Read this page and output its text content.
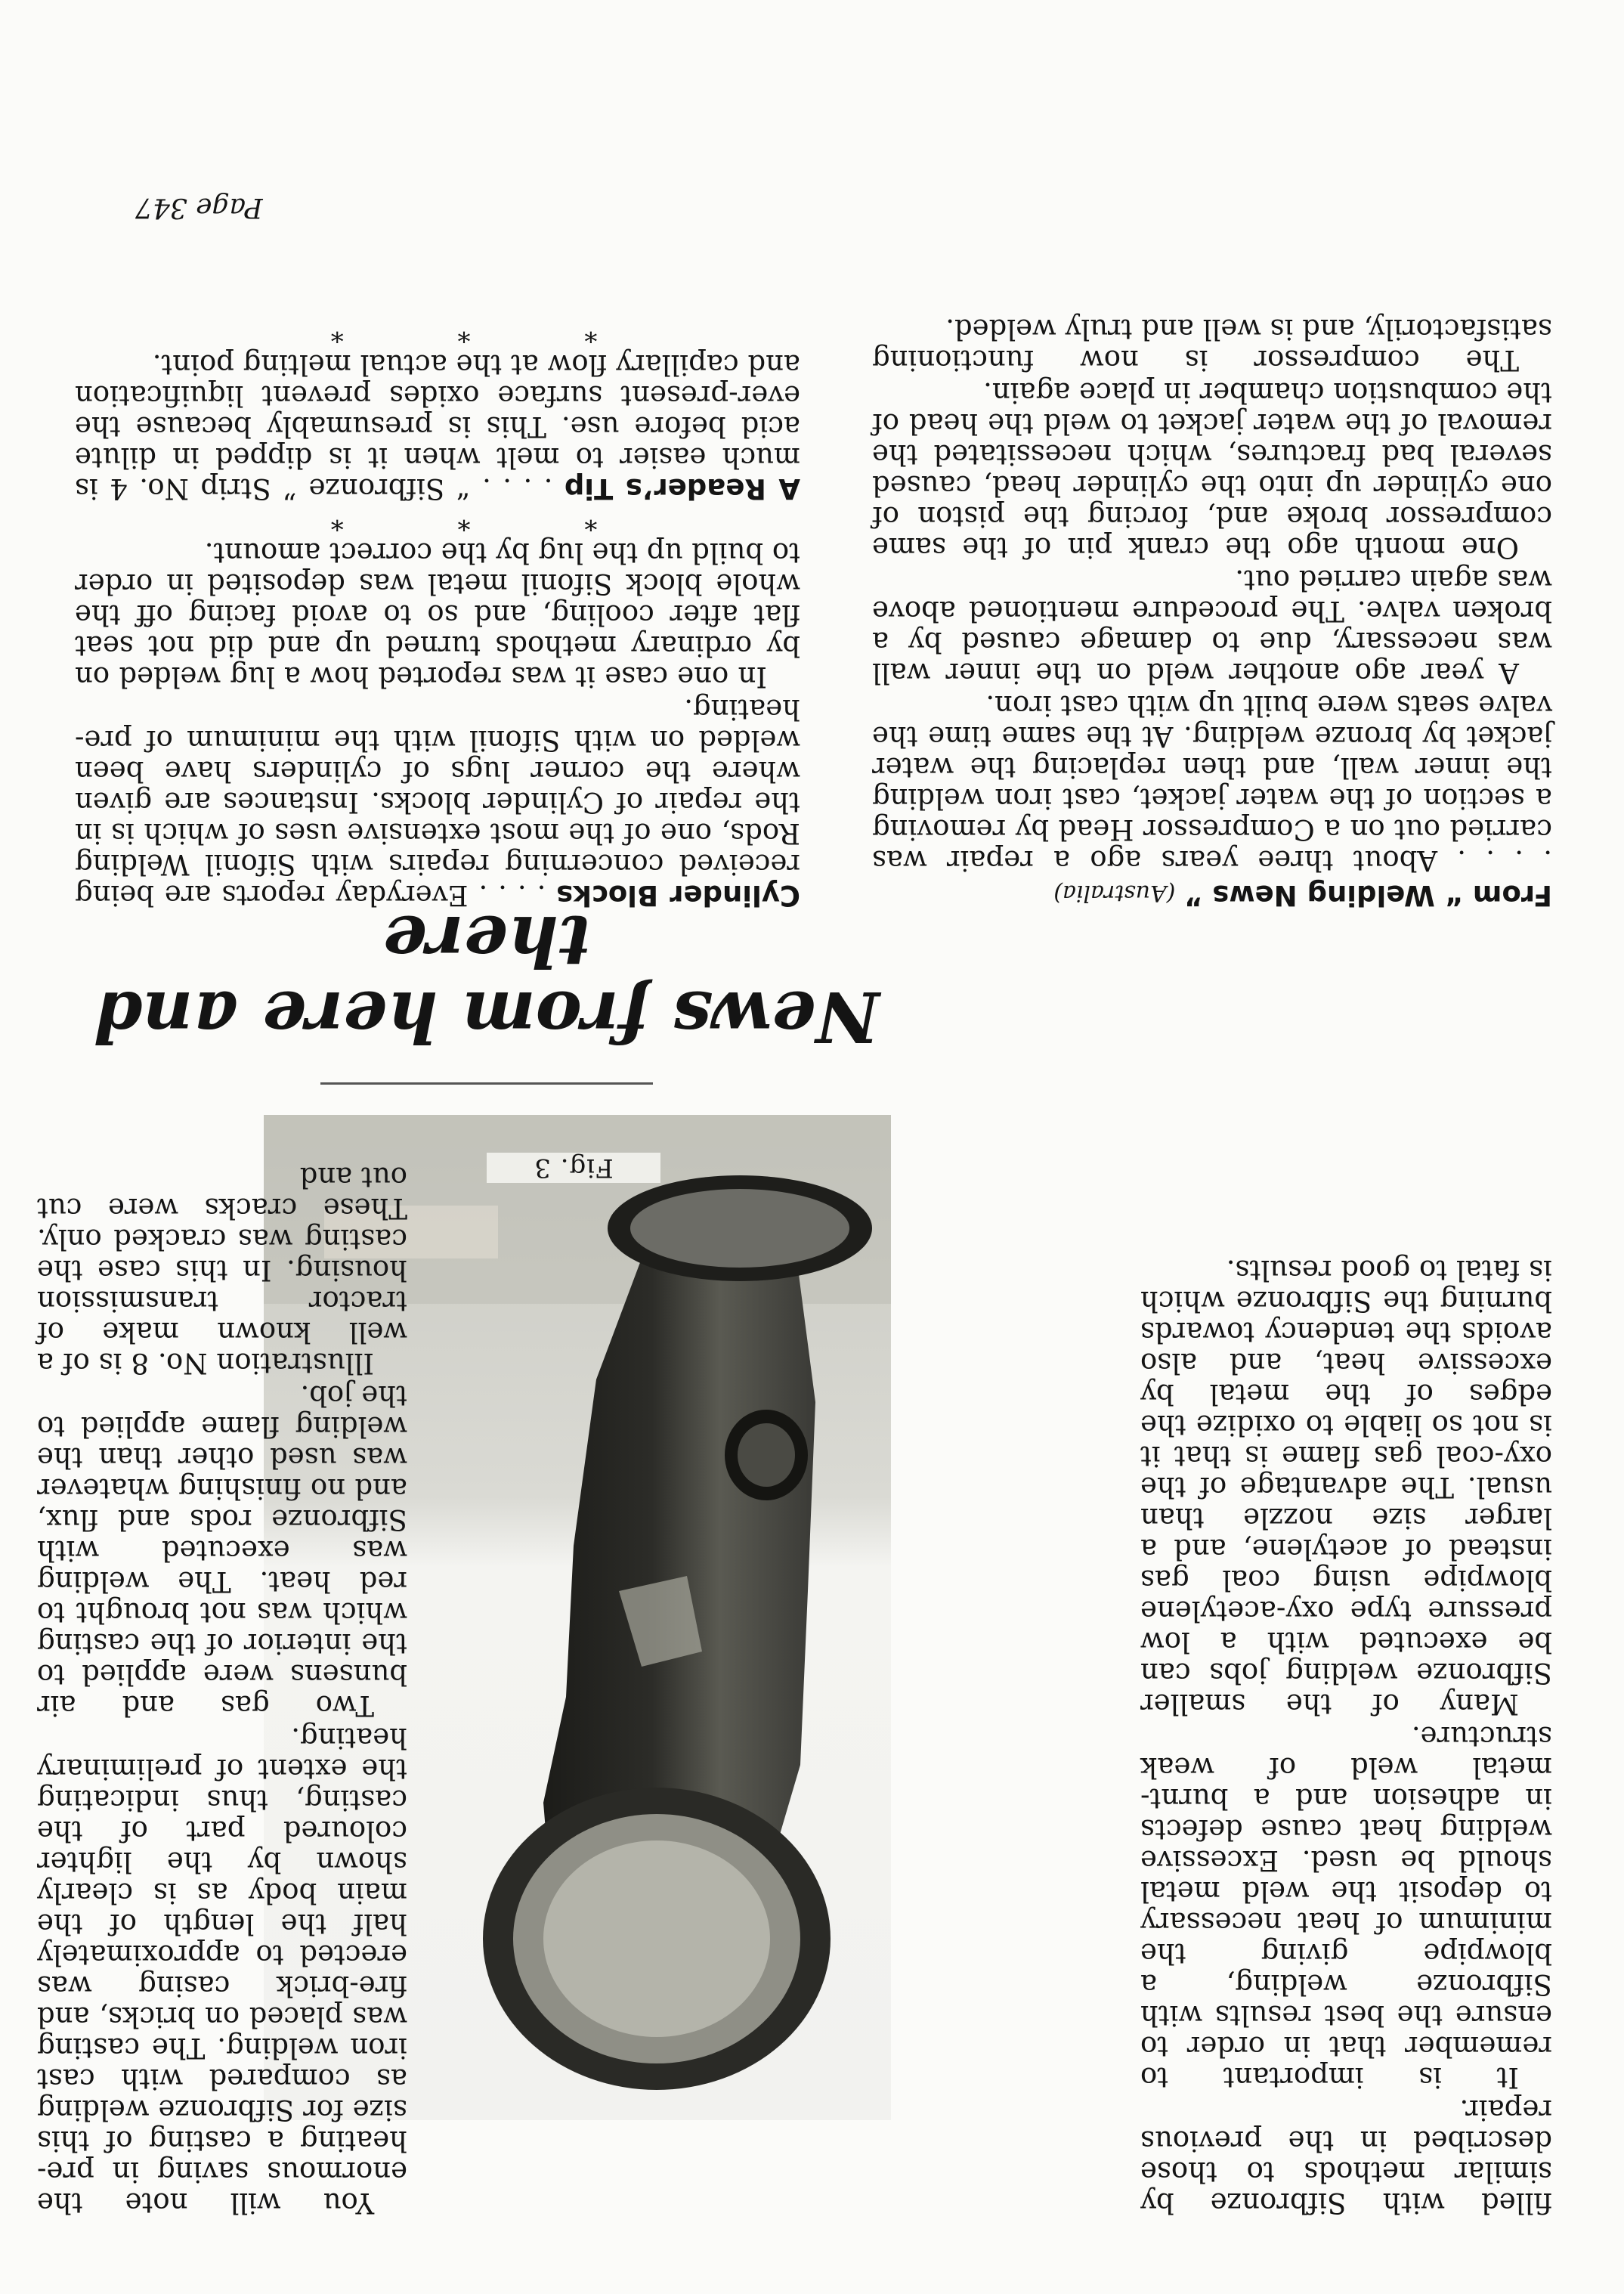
filled with Sifbronze by similar methods to those described in the previous repair.

It is important to remember that in order to ensure the best results with Sifbronze welding, a blowpipe giving the minimum of heat necessary to deposit the weld metal should be used. Excessive welding heat cause defects in adhesion and a burnt-metal weld of weak structure.

Many of the smaller Sifbronze welding jobs can be executed with a low pressure type oxy-acetylene blowpipe using coal gas instead of acetylene, and a larger size nozzle than usual. The advantage of the oxy-coal gas flame is that it is not so liable to oxidize the edges of the metal by excessive heat, and also avoids the tendency towards burning the Sifbronze which is fatal to good results.

Fig. 3

You will note the enormous saving in pre-heating a casting of this size for Sifbronze welding as compared with cast iron welding. The casting was placed on bricks, and fire-brick casing was erected to approximately half the length of the main body as is clearly shown by the lighter coloured part of the casting, thus indicating the extent of preliminary heating.

Two gas and air bunsens were applied to the interior of the casting which was not brought to red heat. The welding was executed with Sifbronze rods and flux, and no finishing whatever was used other than the welding flame applied to the job.

Illustration No. 8 is of a well known make of tractor transmission housing. In this case the casting was cracked only. These cracks were cut out and

News from here and there

From “ Welding News ” (Australia)

. . . . About three years ago a repair was carried out on a Compressor Head by removing a section of the water jacket, cast iron welding the inner wall, and then replacing the water jacket by bronze welding. At the same time the valve seats were built up with cast iron.

A year ago another weld on the inner wall was necessary, due to damage caused by a broken valve. The procedure mentioned above was again carried out.

One month ago the crank pin of the same compressor broke and, forcing the piston of one cylinder up into the cylinder head, caused several bad fractures, which necessitated the removal of the water jacket to weld the head of the combustion chamber in place again.

The compressor is now functioning satisfactorily, and is well and truly welded.

Cylinder Blocks . . . . Everyday reports are being received concerning repairs with Sifonil Welding Rods, one of the most extensive uses of which is in the repair of Cylinder blocks. Instances are given where the corner lugs of cylinders have been welded on with Sifonil with the minimum of pre-heating.

In one case it was reported how a lug welded on by ordinary methods turned up and did not seat flat after cooling, and so to avoid facing off the whole block Sifonil metal was deposited in order to build up the lug by the correct amount.

* * *

A Reader’s Tip . . . . “ Sifbronze ” Strip No. 4 is much easier to melt when it is dipped in dilute acid before use. This is presumably because the ever-present surface oxides prevent liquification and capillary flow at the actual melting point.

* * *

Page 347
